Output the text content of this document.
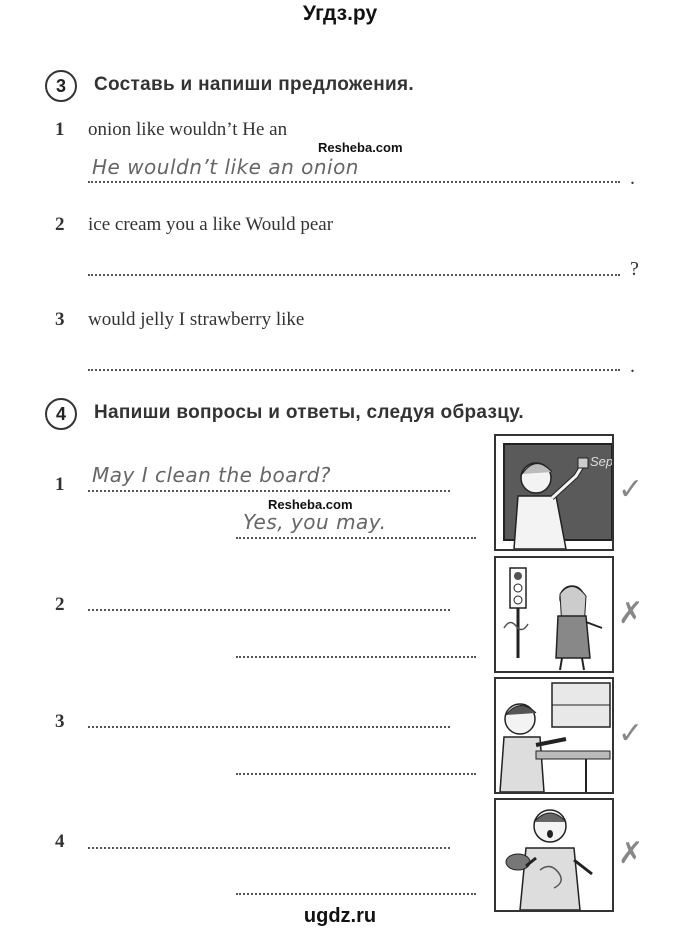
Угдз.ру
3	Составь и напиши предложения.
1 onion like wouldn’t He an
Resheba.com
He wouldn’t like an onion	.
2 ice cream you a like Would pear
?
3 would jelly I strawberry like
.
4	Напиши вопросы и ответы, следуя образцу.
1 May I clean the board?
Resheba.com
Yes, you may.
2
3
4
Sep
✓
✗
✓
✗
ugdz.ru
